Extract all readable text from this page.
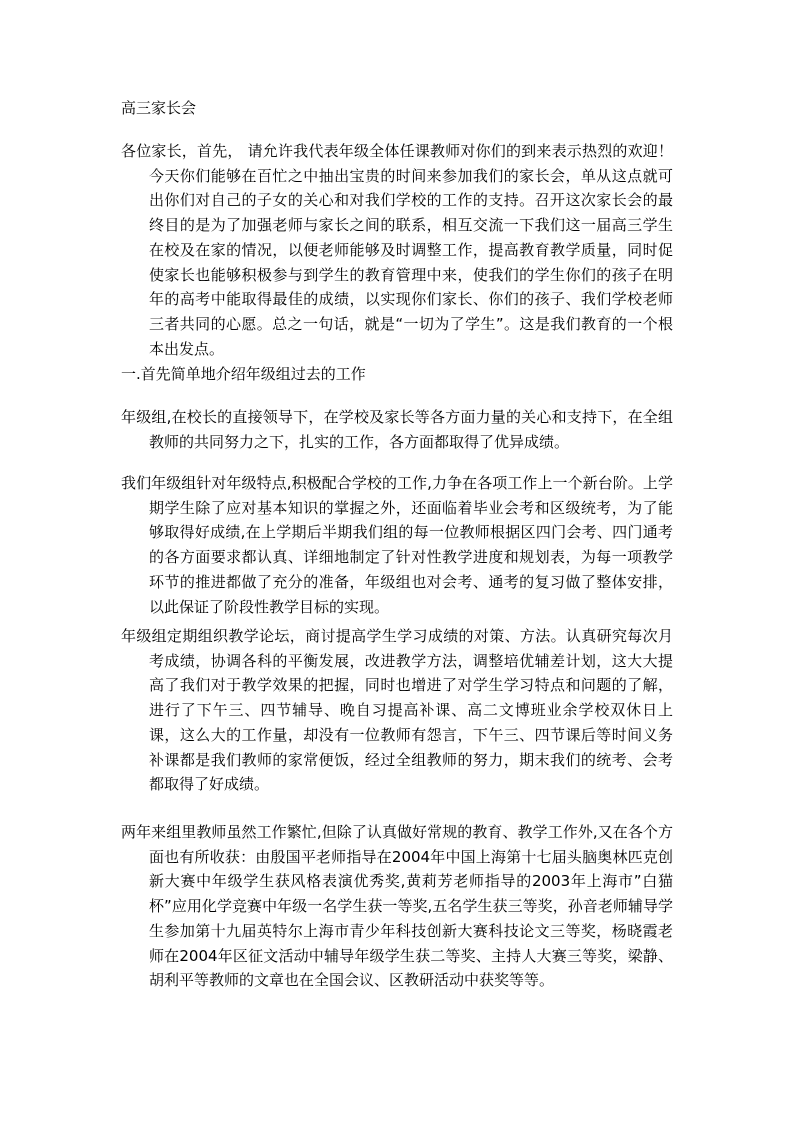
高三家长会
各位家长，首先， 请允许我代表年级全体任课教师对你们的到来表示热烈的欢迎！今天你们能够在百忙之中抽出宝贵的时间来参加我们的家长会，单从这点就可出你们对自己的子女的关心和对我们学校的工作的支持。召开这次家长会的最终目的是为了加强老师与家长之间的联系，相互交流一下我们这一届高三学生在校及在家的情况，以便老师能够及时调整工作，提高教育教学质量，同时促使家长也能够积极参与到学生的教育管理中来，使我们的学生你们的孩子在明年的高考中能取得最佳的成绩，以实现你们家长、你们的孩子、我们学校老师三者共同的心愿。总之一句话，就是“一切为了学生”。这是我们教育的一个根本出发点。
一.首先简单地介绍年级组过去的工作
年级组,在校长的直接领导下，在学校及家长等各方面力量的关心和支持下，在全组教师的共同努力之下，扎实的工作，各方面都取得了优异成绩。
我们年级组针对年级特点,积极配合学校的工作,力争在各项工作上一个新台阶。上学期学生除了应对基本知识的掌握之外，还面临着毕业会考和区级统考，为了能够取得好成绩,在上学期后半期我们组的每一位教师根据区四门会考、四门通考的各方面要求都认真、详细地制定了针对性教学进度和规划表，为每一项教学环节的推进都做了充分的准备，年级组也对会考、通考的复习做了整体安排，以此保证了阶段性教学目标的实现。
年级组定期组织教学论坛，商讨提高学生学习成绩的对策、方法。认真研究每次月考成绩，协调各科的平衡发展，改进教学方法，调整培优辅差计划，这大大提高了我们对于教学效果的把握，同时也增进了对学生学习特点和问题的了解，进行了下午三、四节辅导、晚自习提高补课、高二文博班业余学校双休日上课，这么大的工作量，却没有一位教师有怨言，下午三、四节课后等时间义务补课都是我们教师的家常便饭，经过全组教师的努力，期末我们的统考、会考都取得了好成绩。
两年来组里教师虽然工作繁忙,但除了认真做好常规的教育、教学工作外,又在各个方面也有所收获：由殷国平老师指导在2004年中国上海第十七届头脑奥林匹克创新大赛中年级学生获风格表演优秀奖,黄莉芳老师指导的2003年上海市”白猫杯”应用化学竞赛中年级一名学生获一等奖,五名学生获三等奖，孙音老师辅导学生参加第十九届英特尔上海市青少年科技创新大赛科技论文三等奖，杨晓霞老师在2004年区征文活动中辅导年级学生获二等奖、主持人大赛三等奖，梁静、胡利平等教师的文章也在全国会议、区教研活动中获奖等等。
